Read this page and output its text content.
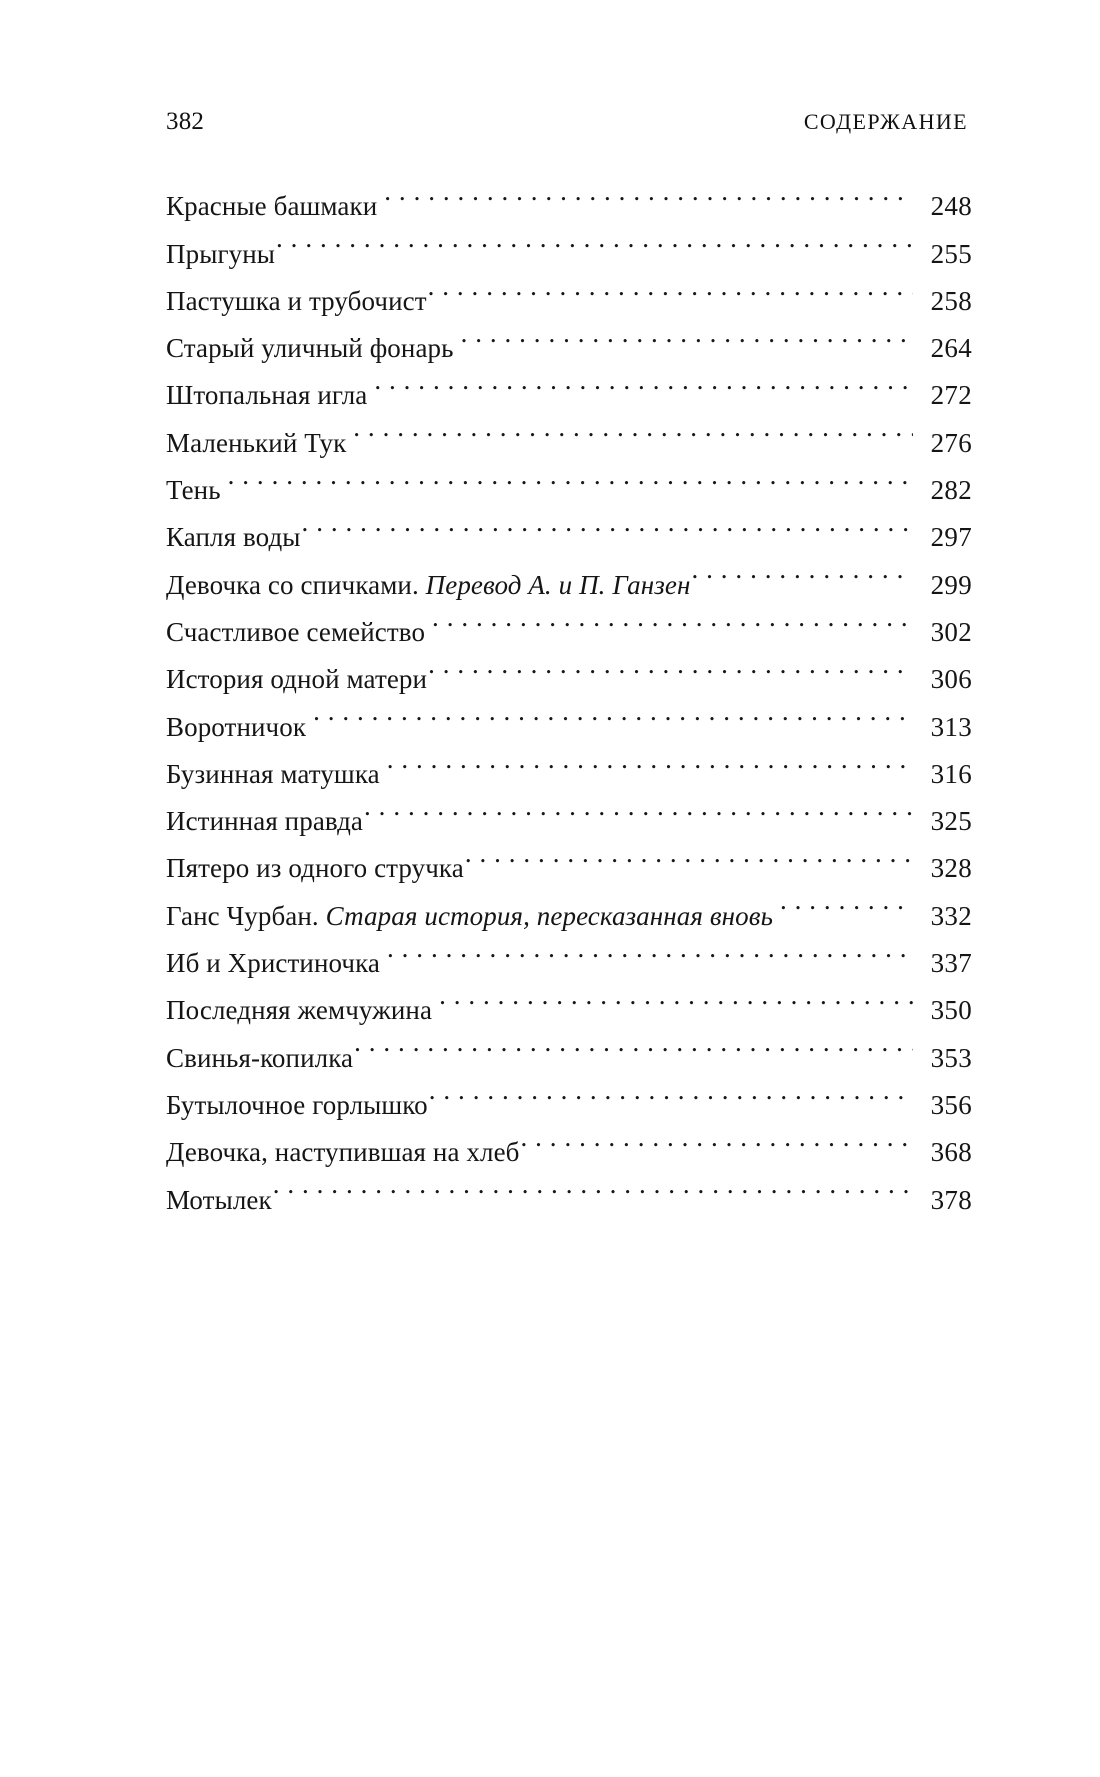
382	СОДЕРЖАНИЕ
Красные башмаки .....	248
Прыгуны .....	255
Пастушка и трубочист .....	258
Старый уличный фонарь .....	264
Штопальная игла .....	272
Маленький Тук .....	276
Тень .....	282
Капля воды .....	297
Девочка со спичками. Перевод А. и П. Ганзен .....	299
Счастливое семейство .....	302
История одной матери .....	306
Воротничок .....	313
Бузинная матушка .....	316
Истинная правда .....	325
Пятеро из одного стручка .....	328
Ганс Чурбан. Старая история, пересказанная вновь .....	332
Иб и Христиночка .....	337
Последняя жемчужина .....	350
Свинья-копилка .....	353
Бутылочное горлышко .....	356
Девочка, наступившая на хлеб .....	368
Мотылек .....	378
